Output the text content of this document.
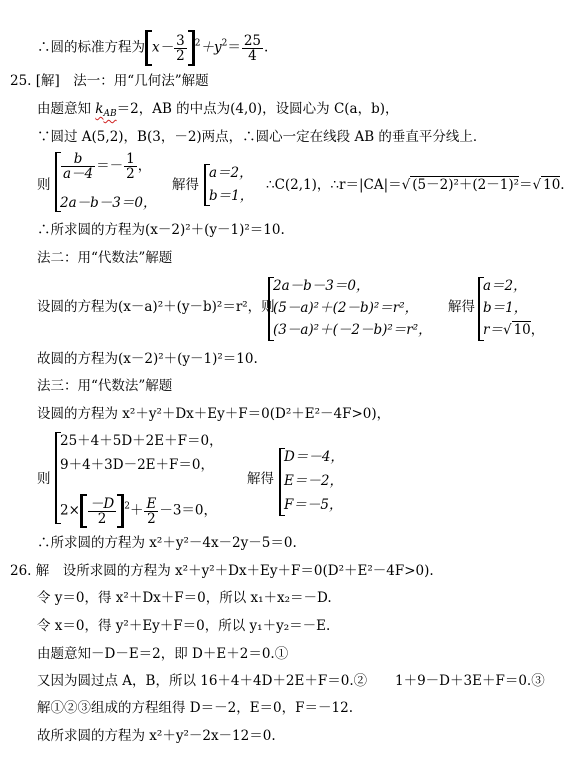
∴圆的标准方程为 $x- \frac{3}{2} ^2+y^2= \frac{25}{4}$ .
25. [解]　法一：用“几何法”解题
由题意知 $k_{AB}=2$，AB 的中点为(4,0)，设圆心为 C(a，b)，
∵圆过 A(5,2)，B(3，－2)两点，∴圆心一定在线段 AB 的垂直平分线上．
则
$\frac{b}{a-4} =- \frac{1}{2}$ ，
2a－b－3＝0，
解得
a＝2，
b＝1，
∴C(2,1)，∴r＝|CA|＝√ (5－2)²＋(2－1)²＝√ 10.
∴所求圆的方程为(x－2)²＋(y－1)²＝10.
法二：用“代数法”解题
设圆的方程为(x－a)²＋(y－b)²＝r²，则
2a－b－3＝0，
(5－a)²＋(2－b)²＝r²，
(3－a)²＋(－2－b)²＝r²，
解得
a＝2，
b＝1，
r＝√ 10，
故圆的方程为(x－2)²＋(y－1)²＝10.
法三：用“代数法”解题
设圆的方程为 x²＋y²＋Dx＋Ey＋F＝0(D²＋E²－4F>0)，
则
25＋4＋5D＋2E＋F＝0，
9＋4＋3D－2E＋F＝0，
$2\times \frac{-D}{2} ^2+ \frac{E}{2} -3=0$，
解得
D＝－4，
E＝－2，
F＝－5，
∴所求圆的方程为 x²＋y²－4x－2y－5＝0.
26. 解　设所求圆的方程为 x²＋y²＋Dx＋Ey＋F＝0(D²＋E²－4F>0).
令 y＝0，得 x²＋Dx＋F＝0，所以 x₁＋x₂＝－D.
令 x＝0，得 y²＋Ey＋F＝0，所以 y₁＋y₂＝－E.
由题意知－D－E＝2，即 D＋E＋2＝0.①
又因为圆过点 A，B，所以 16＋4＋4D＋2E＋F＝0.② 1＋9－D＋3E＋F＝0.③
解①②③组成的方程组得 D＝－2，E＝0，F＝－12.
故所求圆的方程为 x²＋y²－2x－12＝0.
